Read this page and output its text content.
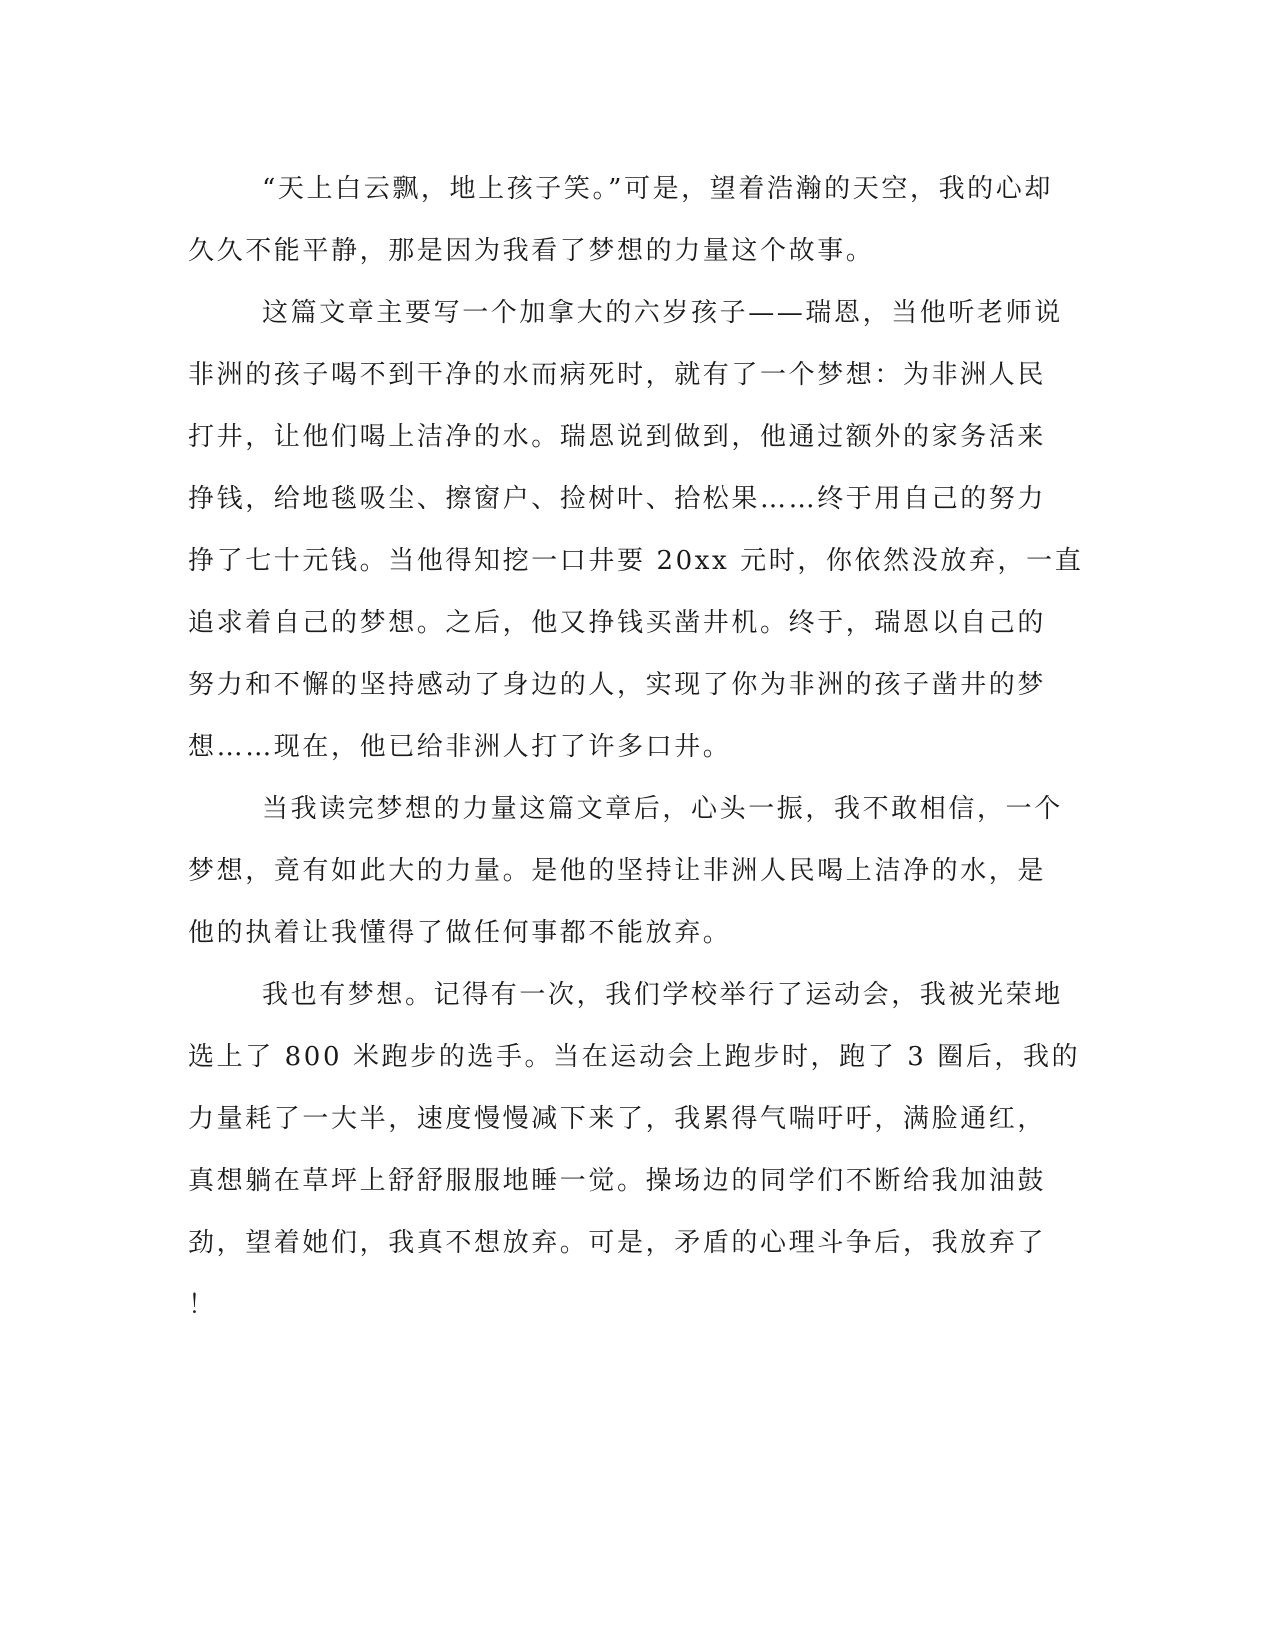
“天上白云飘，地上孩子笑。”可是，望着浩瀚的天空，我的心却
久久不能平静，那是因为我看了梦想的力量这个故事。

这篇文章主要写一个加拿大的六岁孩子——瑞恩，当他听老师说
非洲的孩子喝不到干净的水而病死时，就有了一个梦想：为非洲人民
打井，让他们喝上洁净的水。瑞恩说到做到，他通过额外的家务活来
挣钱，给地毯吸尘、擦窗户、捡树叶、拾松果……终于用自己的努力
挣了七十元钱。当他得知挖一口井要 20xx 元时，你依然没放弃，一直
追求着自己的梦想。之后，他又挣钱买凿井机。终于，瑞恩以自己的
努力和不懈的坚持感动了身边的人，实现了你为非洲的孩子凿井的梦
想……现在，他已给非洲人打了许多口井。

当我读完梦想的力量这篇文章后，心头一振，我不敢相信，一个
梦想，竟有如此大的力量。是他的坚持让非洲人民喝上洁净的水，是
他的执着让我懂得了做任何事都不能放弃。

我也有梦想。记得有一次，我们学校举行了运动会，我被光荣地
选上了 800 米跑步的选手。当在运动会上跑步时，跑了 3 圈后，我的
力量耗了一大半，速度慢慢减下来了，我累得气喘吁吁，满脸通红，
真想躺在草坪上舒舒服服地睡一觉。操场边的同学们不断给我加油鼓
劲，望着她们，我真不想放弃。可是，矛盾的心理斗争后，我放弃了
！
